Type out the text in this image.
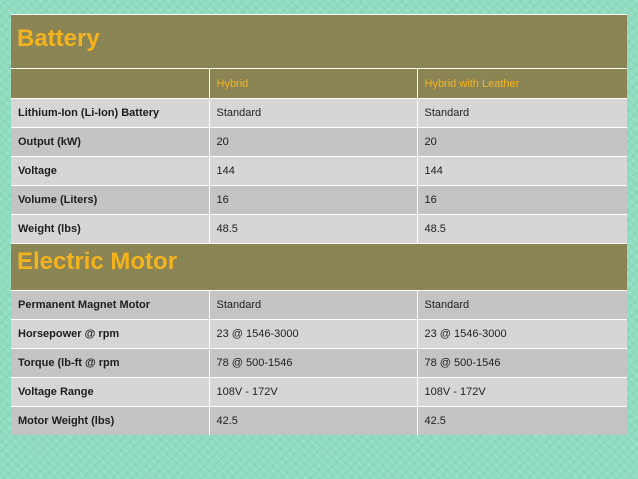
Battery		

	Hybrid	Hybrid with Leather
Lithium-Ion (Li-Ion) Battery	Standard	Standard
Output (kW)	20	20
Voltage	144	144
Volume (Liters)	16	16
Weight (lbs)	48.5	48.5

Electric Motor		

Permanent Magnet Motor	Standard	Standard
Horsepower @ rpm	23 @ 1546-3000	23 @ 1546-3000
Torque (lb-ft @ rpm	78 @ 500-1546	78 @ 500-1546
Voltage Range	108V - 172V	108V - 172V
Motor Weight (lbs)	42.5	42.5
